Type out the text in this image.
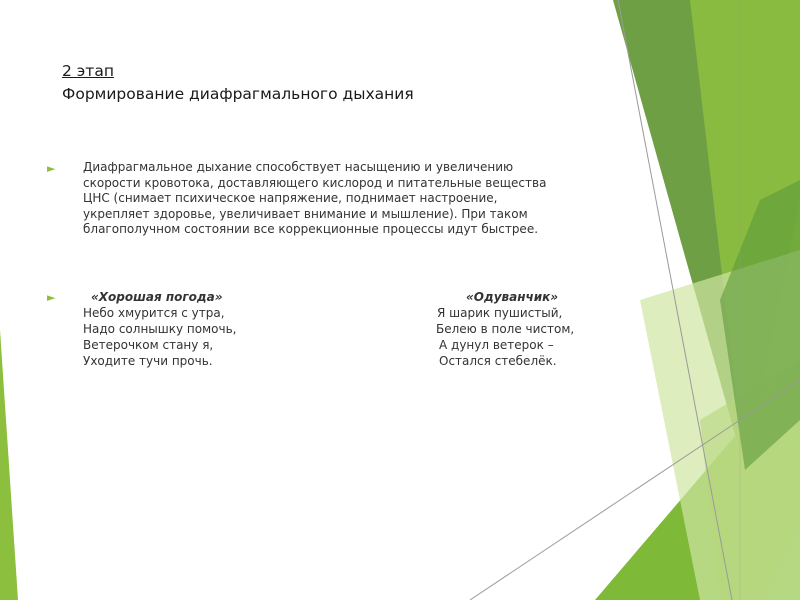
2 этап
Формирование диафрагмального дыхания
► Диафрагмальное дыхание способствует насыщению и увеличению
скорости кровотока, доставляющего кислород и питательные вещества
ЦНС (снимает психическое напряжение, поднимает настроение,
укрепляет здоровье, увеличивает внимание и мышление). При таком
благополучном состоянии все коррекционные процессы идут быстрее.
►	«Хорошая погода»
Небо хмурится с утра,
Надо солнышку помочь,
Ветерочком стану я,
Уходите тучи прочь.
«Одуванчик»
Я шарик пушистый,
Белею в поле чистом,
А дунул ветерок –
Остался стебелёк.
